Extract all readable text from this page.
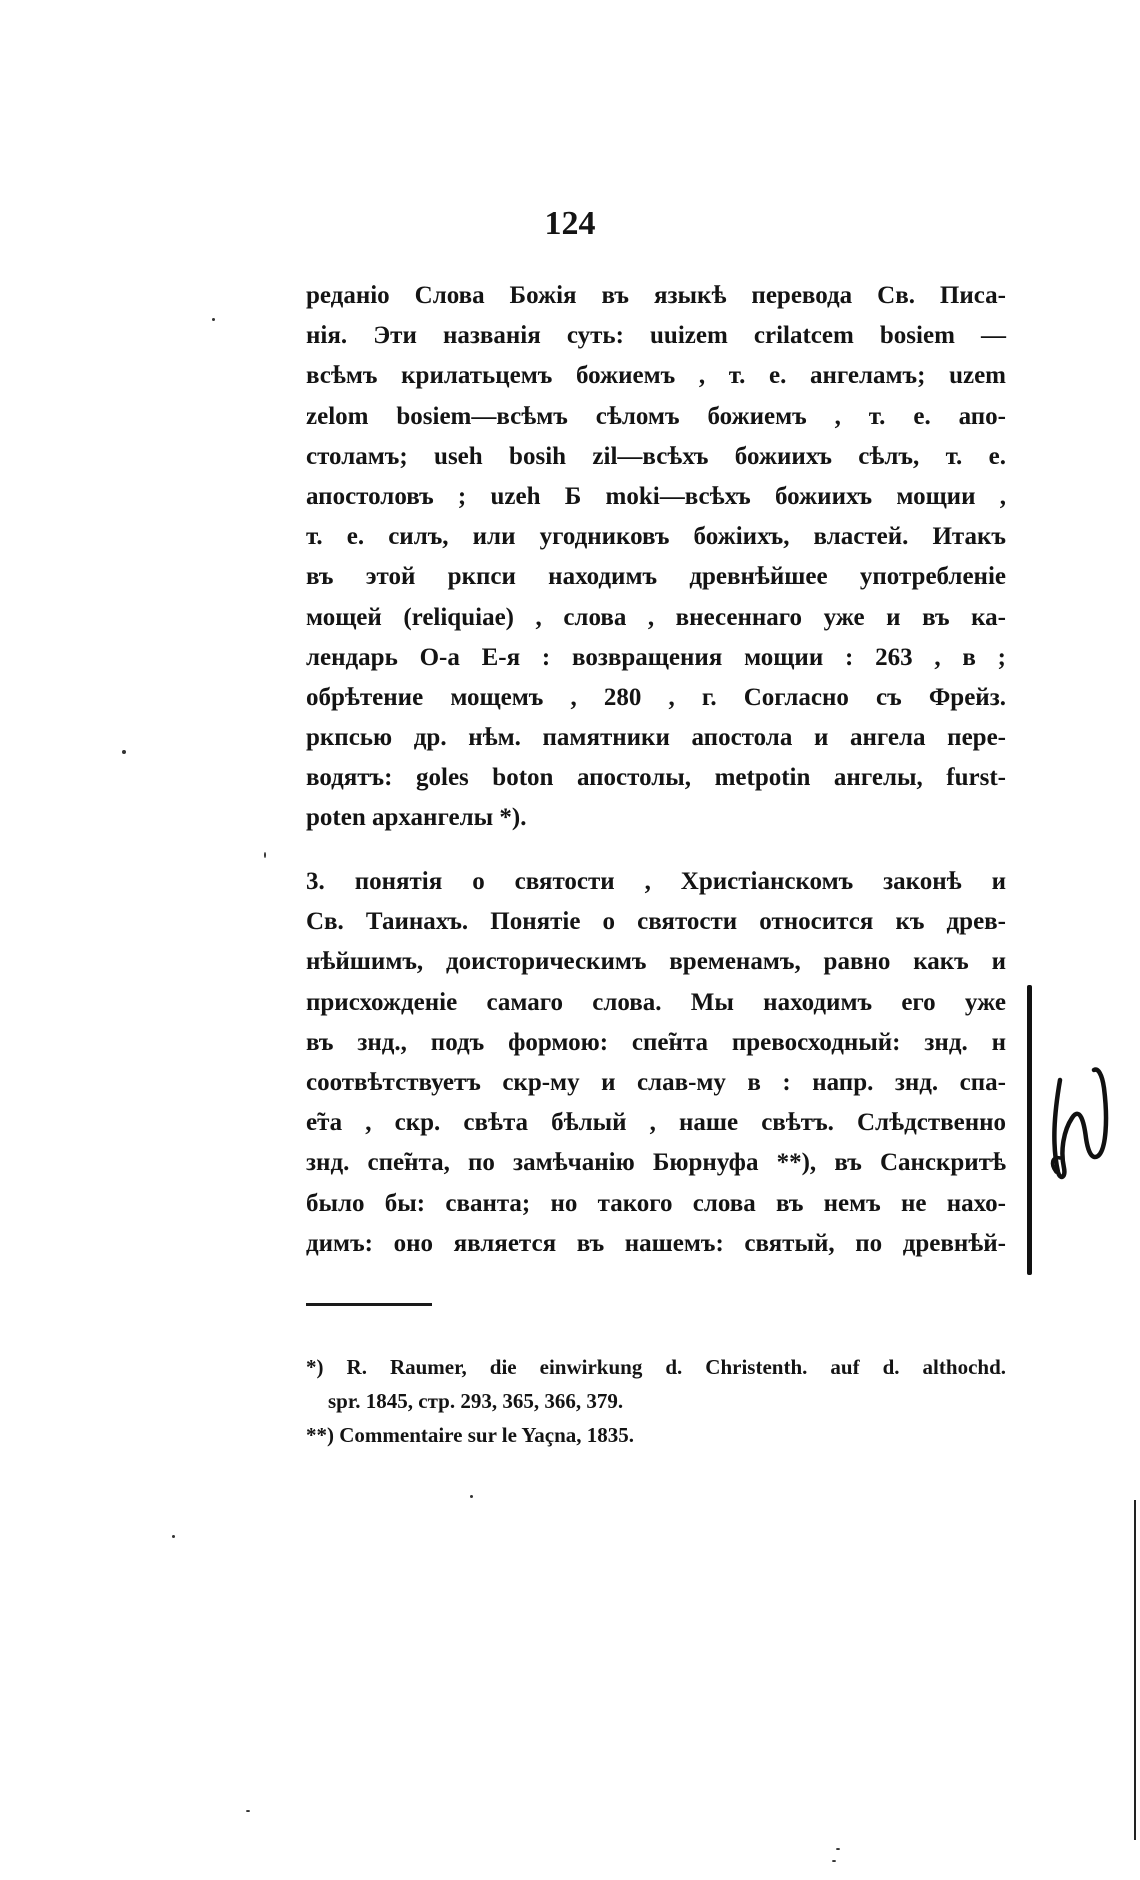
124
реданіо Слова Божія въ языкѣ перевода Св. Писа-
нія. Эти названія суть: uuizem crilatcem bosiem —
всѣмъ крилатьцемъ божиемъ , т. е. ангеламъ; uzem
zelom bosiem—всѣмъ сѣломъ божиемъ , т. е. апо-
столамъ; useh bosih zil—всѣхъ божиихъ сѣлъ, т. е.
апостоловъ ; uzeh Б moki—всѣхъ божиихъ мощии ,
т. е. силъ, или угодниковъ божіихъ, властей. Итакъ
въ этой ркпси находимъ древнѣйшее употребленіе
мощей (reliquiae) , слова , внесеннаго уже и въ ка-
лендарь О-а Е-я : возвращения мощии : 263 , в ;
обрѣтение мощемъ , 280 , г. Согласно съ Фрейз.
ркпсью др. нѣм. памятники апостола и ангела пере-
водятъ: goles boton апостолы, metpotin ангелы, furst-
poten архангелы *).
3. понятія о святости , Христіанскомъ законѣ и
Св. Таинахъ. Понятіе о святости относится къ древ-
нѣйшимъ, доисторическимъ временамъ, равно какъ и
присхожденіе самаго слова. Мы находимъ его уже
въ знд., подъ формою: спе̃нта превосходный: знд. н
соотвѣтствуетъ скр-му и слав-му в : напр. знд. спа-
е̃та , скр. свѣта бѣлый , наше свѣтъ. Слѣдственно
знд. спе̃нта, по замѣчанію Бюрнуфа **), въ Санскритѣ
было бы: сванта; но такого слова въ немъ не нахо-
димъ: оно является въ нашемъ: святый, по древнѣй-
*) R. Raumer, die einwirkung d. Christenth. auf d. althochd.
spr. 1845, стр. 293, 365, 366, 379.
**) Commentaire sur le Yaçna, 1835.
